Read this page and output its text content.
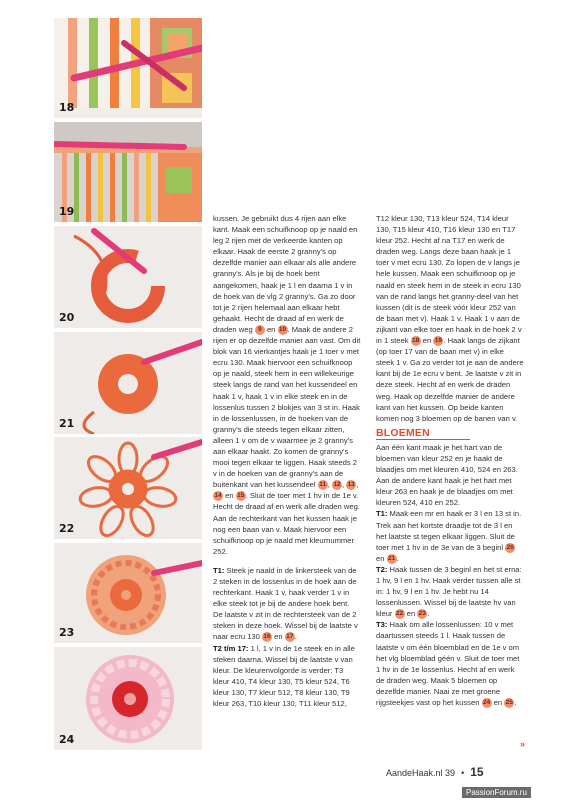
18
19
20
21
22
23
24

kussen. Je gebruikt dus 4 rijen aan elke kant. Maak een schuifknoop op je naald en leg 2 rijen met de verkeerde kanten op elkaar. Haak de eerste 2 granny's op dezelfde manier aan elkaar als alle andere granny's. Als je bij de hoek bent aangekomen, haak je 1 l en daarna 1 v in de hoek van de vlg 2 granny's. Ga zo door tot je 2 rijen helemaal aan elkaar hebt gehaakt. Hecht de draad af en werk de draden weg 9 en 10. Maak de andere 2 rijen er op dezelfde manier aan vast. Om dit blok van 16 vierkantjes haak je 1 toer v met ecru 130. Maak hiervoor een schuifknoop op je naald, steek hem in een willekeurige steek langs de rand van het kussendeel en haak 1 v, haak 1 v in elke steek en in de lossenlus tussen 2 blokjes van 3 st in. Haak in de lossenlussen, in de hoeken van de granny's die steeds tegen elkaar zitten, alleen 1 v om de v waarmee je 2 granny's aan elkaar haakt. Zo komen de granny's mooi tegen elkaar te liggen. Haak steeds 2 v in de hoeken van de granny's aan de buitenkant van het kussendeel 11 , 12, 13, 14 en 15. Sluit de toer met 1 hv in de 1e v. Hecht de draad af en werk alle draden weg. Aan de rechterkant van het kussen haak je nog een baan van v. Maak hiervoor een schuifknoop op je naald met kleurnummer 252.

T1: Steek je naald in de linkersteek van de 2 steken in de lossenlus in de hoek aan de rechterkant. Haak 1 v, haak verder 1 v in elke steek tot je bij de andere hoek bent. De laatste v zit in de rechtersteek van de 2 steken in deze hoek. Wissel bij de laatste v naar ecru 130 16 en 17.

T2 t/m 17: 1 l, 1 v in de 1e steek en in alle steken daarna. Wissel bij de laatste v van kleur. De kleurenvolgorde is verder: T3 kleur 410, T4 kleur 130, T5 kleur 524, T6 kleur 130, T7 kleur 512, T8 kleur 130, T9 kleur 263, T10 kleur 130, T11 kleur 512,

T12 kleur 130, T13 kleur 524, T14 kleur 130, T15 kleur 410, T16 kleur 130 en T17 kleur 252. Hecht af na T17 en werk de draden weg. Langs deze baan haak je 1 toer v met ecru 130. Zo lopen de v langs je hele kussen. Maak een schuifknoop op je naald en steek hem in de steek in ecru 130 van de rand langs het granny-deel van het kussen (dit is de steek vóór kleur 252 van de baan met v). Haak 1 v. Haak 1 v aan de zijkant van elke toer en haak in de hoek 2 v in 1 steek 18 en 19. Haak langs de zijkant (op toer 17 van de baan met v) in elke steek 1 v. Ga zo verder tot je aan de andere kant bij de 1e ecru v bent. Je laatste v zit in deze steek. Hecht af en werk de draden weg. Haak op dezelfde manier de andere kant van het kussen. Op beide kanten komen nog 3 bloemen op de banen van v.

BLOEMEN

Aan één kant maak je het hart van de bloemen van kleur 252 en je haakt de blaadjes om met kleuren 410, 524 en 263. Aan de andere kant haak je het hart met kleur 263 en haak je de blaadjes om met kleuren 524, 410 en 252.

T1: Maak een mr en haak er 3 l en 13 st in. Trek aan het kortste draadje tot de 3 l en het laatste st tegen elkaar liggen. Sluit de toer met 1 hv in de 3e van de 3 beginl 20 en 21.

T2: Haak tussen de 3 beginl en het st erna: 1 hv, 9 l en 1 hv. Haak verder tussen alle st in: 1 hv, 9 l en 1 hv. Je hebt nu 14 lossenlussen. Wissel bij de laatste hv van kleur 22 en 23.

T3: Haak om alle lossenlussen: 10 v met daartussen steeds 1 l. Haak tussen de laatste v om één bloemblad en de 1e v om het vlg bloemblad géén v. Sluit de toer met 1 hv in de 1e lossenlus. Hecht af en werk de draden weg. Maak 5 bloemen op dezelfde manier. Naai ze met groene rijgsteekjes vast op het kussen 24 en 25.

»
AandeHaak.nl 39 • 15
PassionForum.ru
